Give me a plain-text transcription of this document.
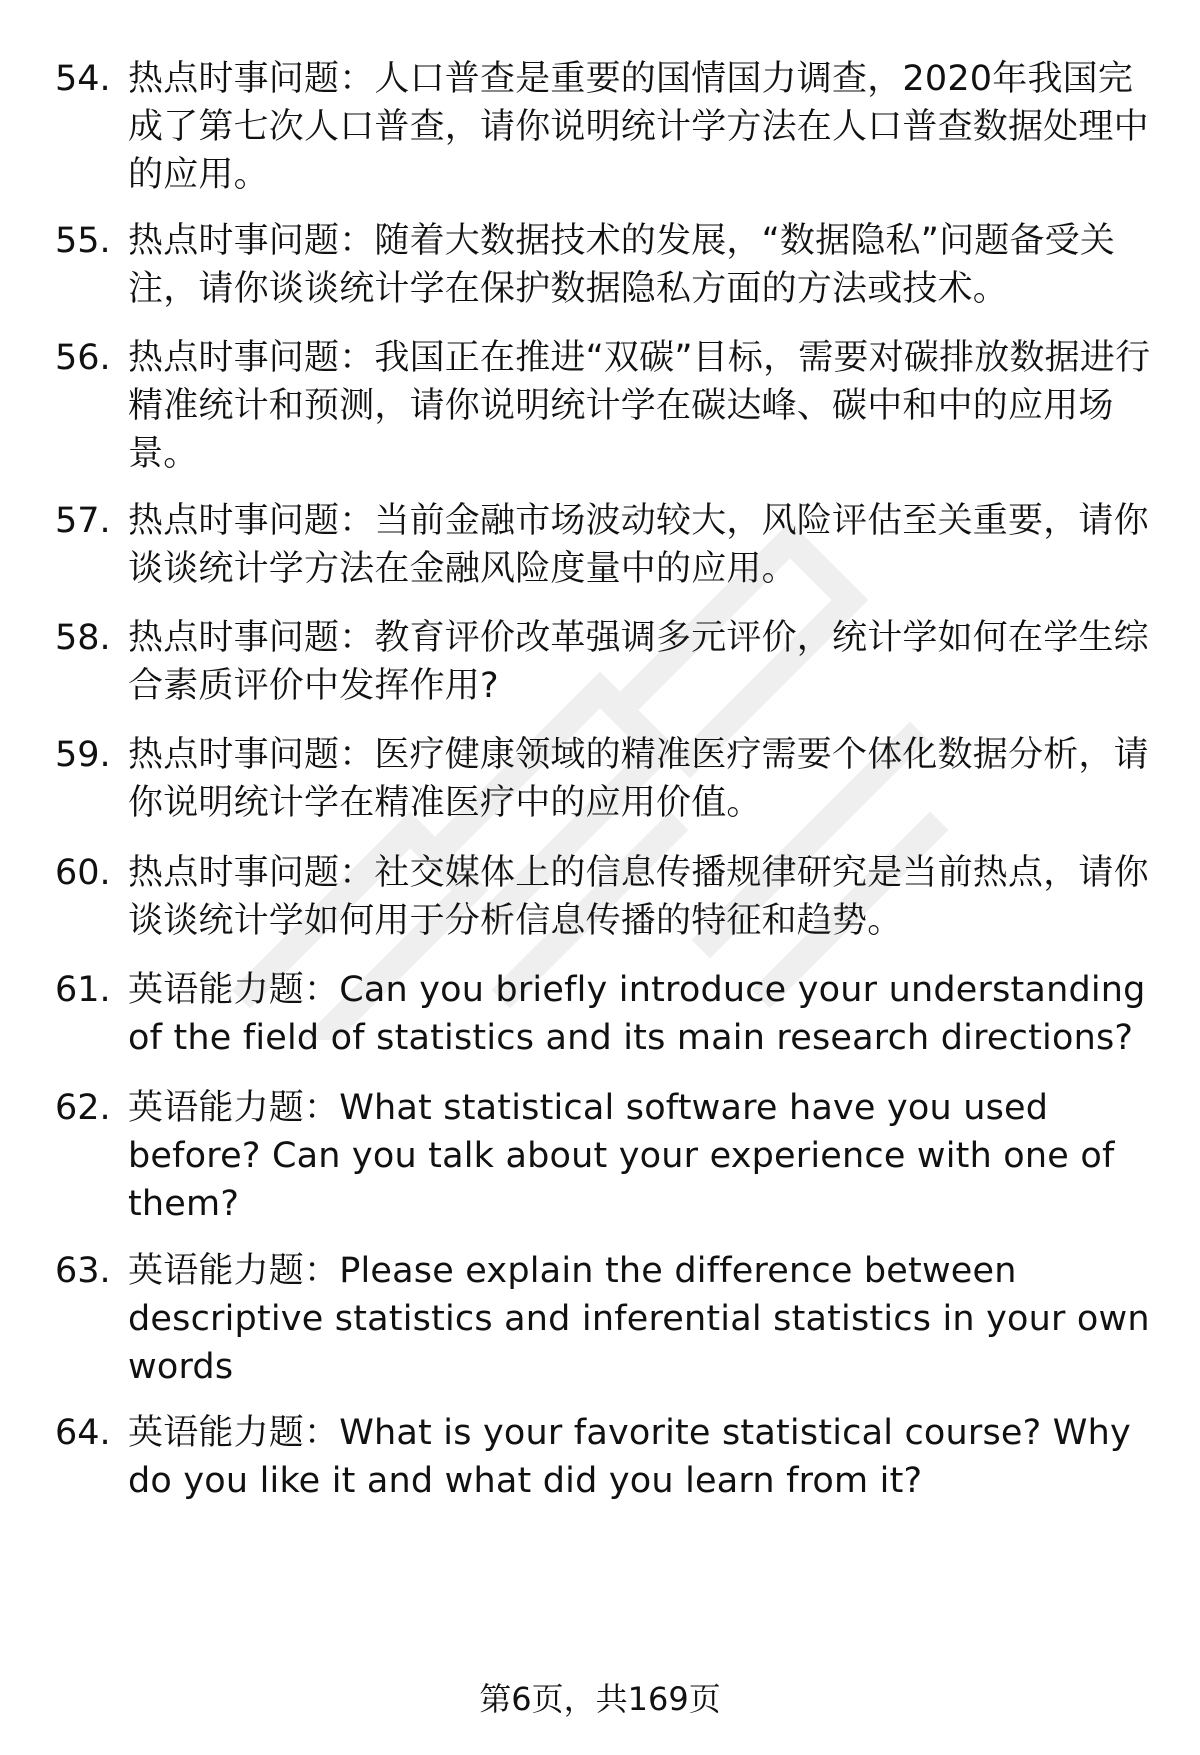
54. 热点时事问题：人口普查是重要的国情国力调查，2020年我国完成了第七次人口普查，请你说明统计学方法在人口普查数据处理中的应用。
55. 热点时事问题：随着大数据技术的发展，“数据隐私”问题备受关注，请你谈谈统计学在保护数据隐私方面的方法或技术。
56. 热点时事问题：我国正在推进“双碳”目标，需要对碳排放数据进行精准统计和预测，请你说明统计学在碳达峰、碳中和中的应用场景。
57. 热点时事问题：当前金融市场波动较大，风险评估至关重要，请你谈谈统计学方法在金融风险度量中的应用。
58. 热点时事问题：教育评价改革强调多元评价，统计学如何在学生综合素质评价中发挥作用?
59. 热点时事问题：医疗健康领域的精准医疗需要个体化数据分析，请你说明统计学在精准医疗中的应用价值。
60. 热点时事问题：社交媒体上的信息传播规律研究是当前热点，请你谈谈统计学如何用于分析信息传播的特征和趋势。
61. 英语能力题：Can you briefly introduce your understanding of the field of statistics and its main research directions?
62. 英语能力题：What statistical software have you used before? Can you talk about your experience with one of them?
63. 英语能力题：Please explain the difference between descriptive statistics and inferential statistics in your own words
64. 英语能力题：What is your favorite statistical course? Why do you like it and what did you learn from it?
第6页，共169页
